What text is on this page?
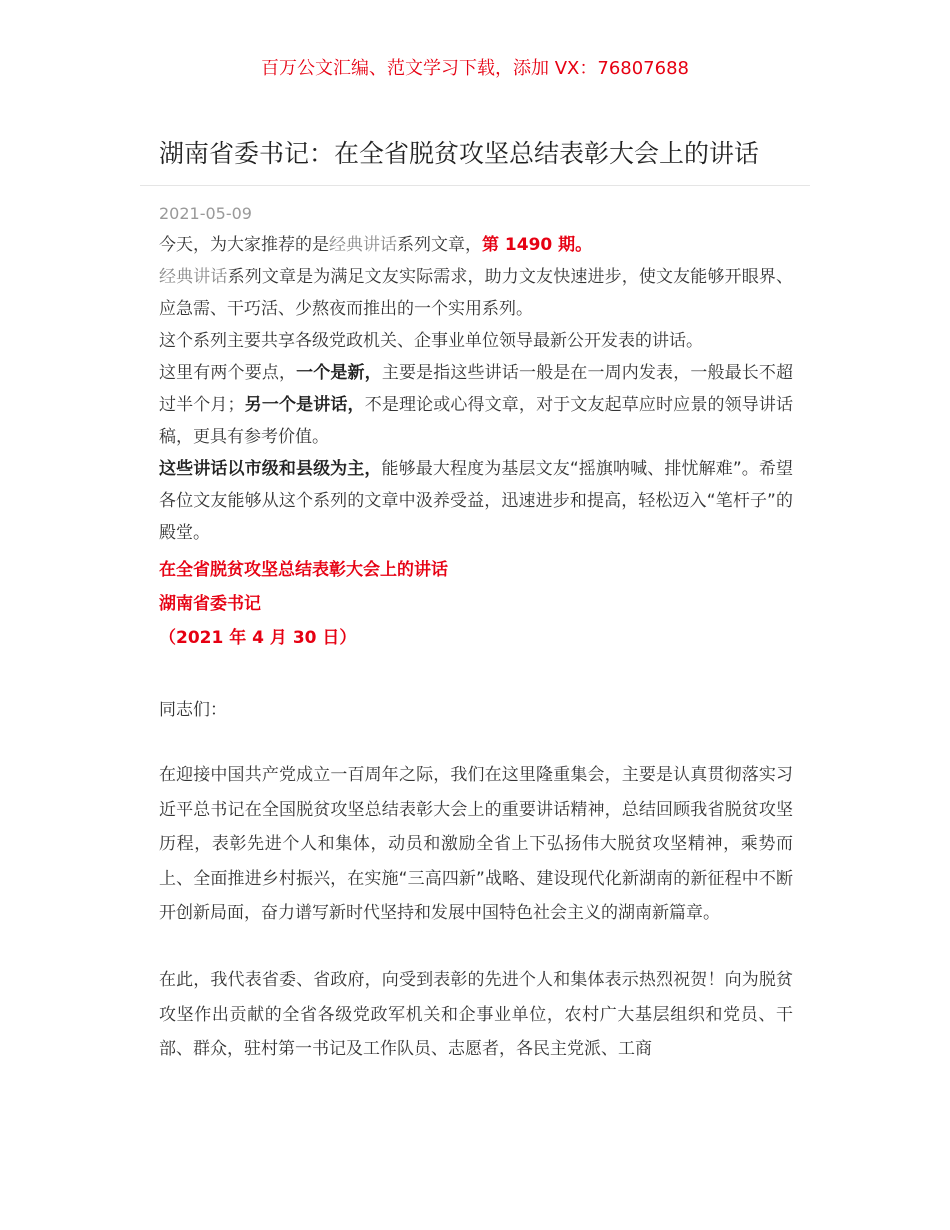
百万公文汇编、范文学习下载，添加 VX：76807688
湖南省委书记：在全省脱贫攻坚总结表彰大会上的讲话
2021-05-09

今天，为大家推荐的是经典讲话系列文章，第 1490 期。

经典讲话系列文章是为满足文友实际需求，助力文友快速进步，使文友能够开眼界、应急需、干巧活、少熬夜而推出的一个实用系列。

这个系列主要共享各级党政机关、企事业单位领导最新公开发表的讲话。

这里有两个要点，一个是新，主要是指这些讲话一般是在一周内发表，一般最长不超过半个月；另一个是讲话，不是理论或心得文章，对于文友起草应时应景的领导讲话稿，更具有参考价值。

这些讲话以市级和县级为主，能够最大程度为基层文友“摇旗呐喊、排忧解难”。希望各位文友能够从这个系列的文章中汲养受益，迅速进步和提高，轻松迈入“笔杆子”的殿堂。

在全省脱贫攻坚总结表彰大会上的讲话

湖南省委书记

（2021 年 4 月 30 日）

同志们：

在迎接中国共产党成立一百周年之际，我们在这里隆重集会，主要是认真贯彻落实习近平总书记在全国脱贫攻坚总结表彰大会上的重要讲话精神，总结回顾我省脱贫攻坚历程，表彰先进个人和集体，动员和激励全省上下弘扬伟大脱贫攻坚精神，乘势而上、全面推进乡村振兴，在实施“三高四新”战略、建设现代化新湖南的新征程中不断开创新局面，奋力谱写新时代坚持和发展中国特色社会主义的湖南新篇章。

在此，我代表省委、省政府，向受到表彰的先进个人和集体表示热烈祝贺！向为脱贫攻坚作出贡献的全省各级党政军机关和企事业单位，农村广大基层组织和党员、干部、群众，驻村第一书记及工作队员、志愿者，各民主党派、工商
